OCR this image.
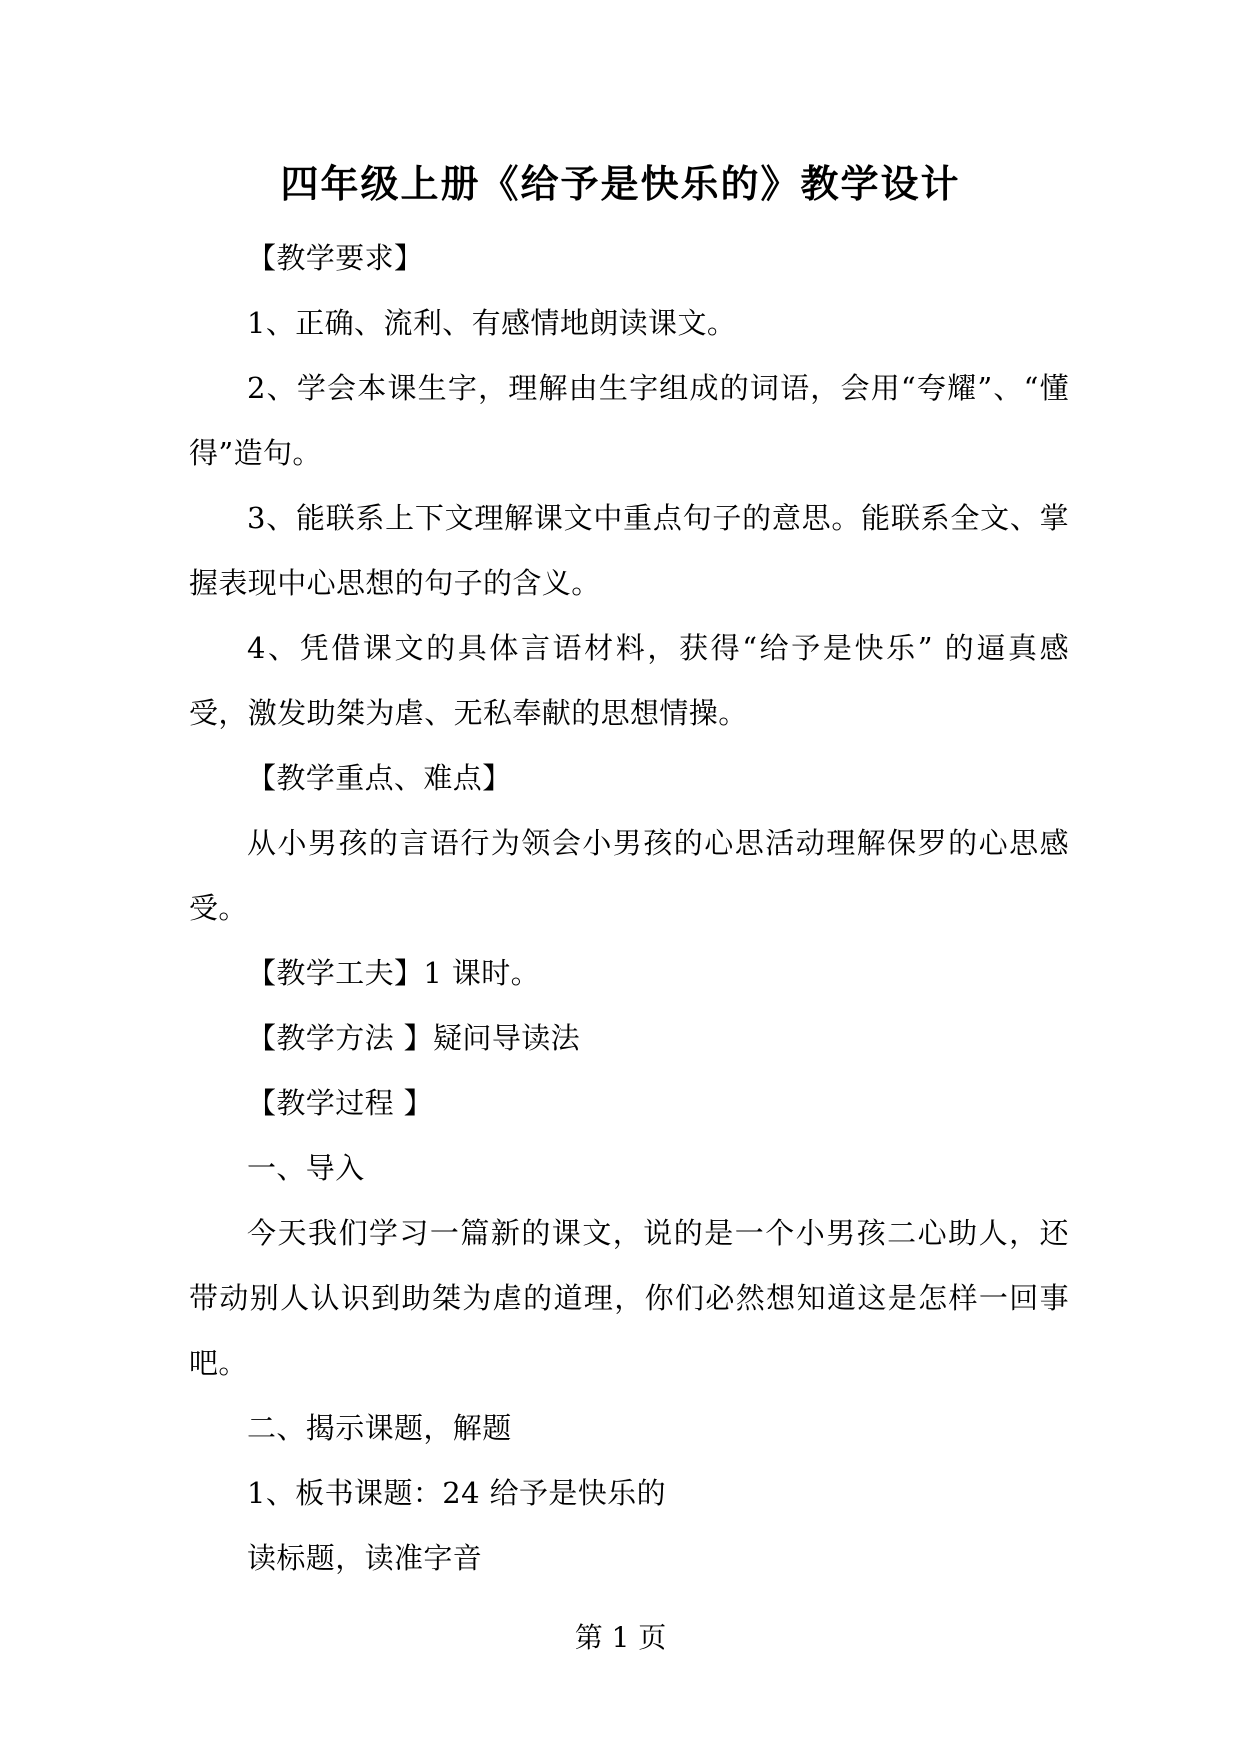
四年级上册《给予是快乐的》教学设计

【教学要求】

1、正确、流利、有感情地朗读课文。

2、学会本课生字，理解由生字组成的词语，会用“夸耀”、“懂得”造句。

3、能联系上下文理解课文中重点句子的意思。能联系全文、掌握表现中心思想的句子的含义。

4、凭借课文的具体言语材料，获得“给予是快乐” 的逼真感受，激发助桀为虐、无私奉献的思想情操。

【教学重点、难点】

从小男孩的言语行为领会小男孩的心思活动理解保罗的心思感受。

【教学工夫】1 课时。

【教学方法 】疑问导读法

【教学过程 】

一、导入

今天我们学习一篇新的课文，说的是一个小男孩二心助人，还带动别人认识到助桀为虐的道理，你们必然想知道这是怎样一回事吧。

二、揭示课题，解题

1、板书课题：24 给予是快乐的

读标题，读准字音

第 1 页
